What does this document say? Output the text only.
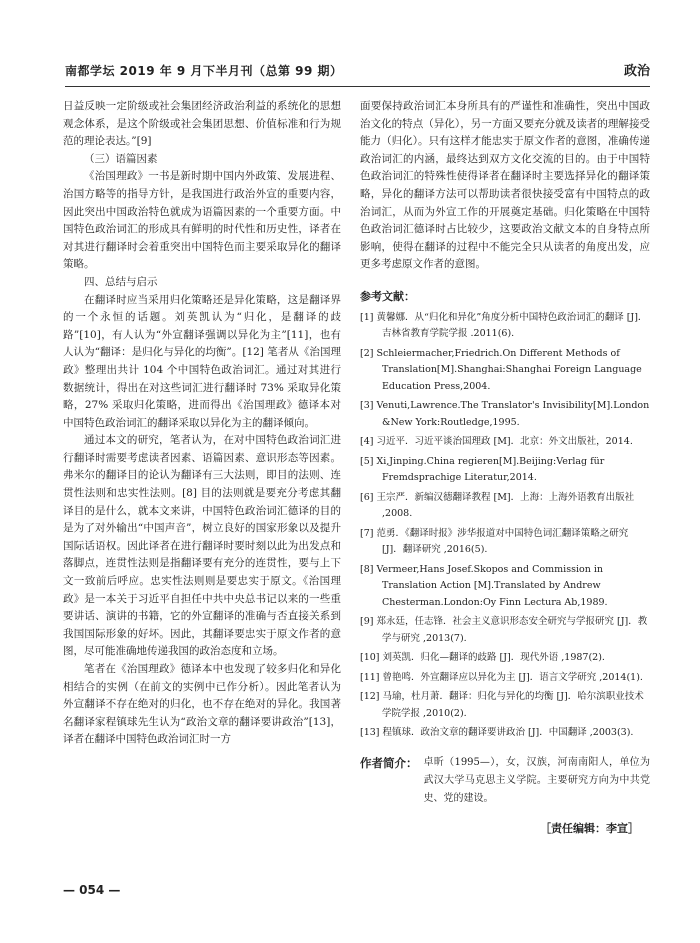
南都学坛 2019 年 9 月下半月刊（总第 99 期）	政治

日益反映一定阶级或社会集团经济政治利益的系统化的思想观念体系，是这个阶级或社会集团思想、价值标准和行为规范的理论表达。”[9]

（三）语篇因素

《治国理政》一书是新时期中国内外政策、发展进程、治国方略等的指导方针，是我国进行政治外宣的重要内容，因此突出中国政治特色就成为语篇因素的一个重要方面。中国特色政治词汇的形成具有鲜明的时代性和历史性，译者在对其进行翻译时会着重突出中国特色而主要采取异化的翻译策略。

四、总结与启示

在翻译时应当采用归化策略还是异化策略，这是翻译界的一个永恒的话题。刘英凯认为“归化，是翻译的歧路”[10]，有人认为“外宣翻译强调以异化为主”[11]，也有人认为“翻译：是归化与异化的均衡”。[12] 笔者从《治国理政》整理出共计 104 个中国特色政治词汇。通过对其进行数据统计，得出在对这些词汇进行翻译时 73% 采取异化策略，27% 采取归化策略，进而得出《治国理政》德译本对中国特色政治词汇的翻译采取以异化为主的翻译倾向。

通过本文的研究，笔者认为，在对中国特色政治词汇进行翻译时需要考虑读者因素、语篇因素、意识形态等因素。弗米尔的翻译目的论认为翻译有三大法则，即目的法则、连贯性法则和忠实性法则。[8] 目的法则就是要充分考虑其翻译目的是什么，就本文来讲，中国特色政治词汇德译的目的是为了对外输出“中国声音”，树立良好的国家形象以及提升国际话语权。因此译者在进行翻译时要时刻以此为出发点和落脚点，连贯性法则是指翻译要有充分的连贯性，要与上下文一致前后呼应。忠实性法则则是要忠实于原文。《治国理政》是一本关于习近平自担任中共中央总书记以来的一些重要讲话、演讲的书籍，它的外宣翻译的准确与否直接关系到我国国际形象的好坏。因此，其翻译要忠实于原文作者的意图，尽可能准确地传递我国的政治态度和立场。

笔者在《治国理政》德译本中也发现了较多归化和异化相结合的实例（在前文的实例中已作分析）。因此笔者认为外宣翻译不存在绝对的归化，也不存在绝对的异化。我国著名翻译家程镇球先生认为“政治文章的翻译要讲政治”[13]，译者在翻译中国特色政治词汇时一方

面要保持政治词汇本身所具有的严谨性和准确性，突出中国政治文化的特点（异化），另一方面又要充分就及读者的理解接受能力（归化）。只有这样才能忠实于原文作者的意图，准确传递政治词汇的内涵，最终达到双方文化交流的目的。由于中国特色政治词汇的特殊性使得译者在翻译时主要选择异化的翻译策略，异化的翻译方法可以帮助读者很快接受富有中国特点的政治词汇，从而为外宣工作的开展奠定基础。归化策略在中国特色政治词汇德译时占比较少，这要政治文献文本的自身特点所影响，使得在翻译的过程中不能完全只从读者的角度出发，应更多考虑原文作者的意图。

参考文献：
[1] 黄馨娜．从“归化和异化”角度分析中国特色政治词汇的翻译 [J]．吉林省教育学院学报 .2011(6).
[2] Schleiermacher,Friedrich.On Different Methods of Translation[M].Shanghai:Shanghai Foreign Language Education Press,2004.
[3] Venuti,Lawrence.The Translator's Invisibility[M].London &New York:Routledge,1995.
[4] 习近平．习近平谈治国理政 [M]．北京：外文出版社，2014.
[5] Xi,Jinping.China regieren[M].Beijing:Verlag für Fremdsprachige Literatur,2014.
[6] 王宗严．新编汉德翻译教程 [M]．上海：上海外语教育出版社 ,2008.
[7] 范勇．《翻译时报》涉华报道对中国特色词汇翻译策略之研究 [J]．翻译研究 ,2016(5).
[8] Vermeer,Hans Josef.Skopos and Commission in Translation Action [M].Translated by Andrew Chesterman.London:Oy Finn Lectura Ab,1989.
[9] 郑永廷，任志锋．社会主义意识形态安全研究与学报研究 [J]．教学与研究 ,2013(7).
[10] 刘英凯．归化—翻译的歧路 [J]．现代外语 ,1987(2).
[11] 曾艳鸣．外宣翻译应以异化为主 [J]．语言文学研究 ,2014(1).
[12] 马瑜，杜月萧．翻译：归化与异化的均衡 [J]．哈尔滨职业技术学院学报 ,2010(2).
[13] 程镇球．政治文章的翻译要讲政治 [J]．中国翻译 ,2003(3).
作者简介： 卓昕（1995—），女，汉族，河南南阳人，单位为武汉大学马克思主义学院。主要研究方向为中共党史、党的建设。
［责任编辑：李宣］
— 054 —
